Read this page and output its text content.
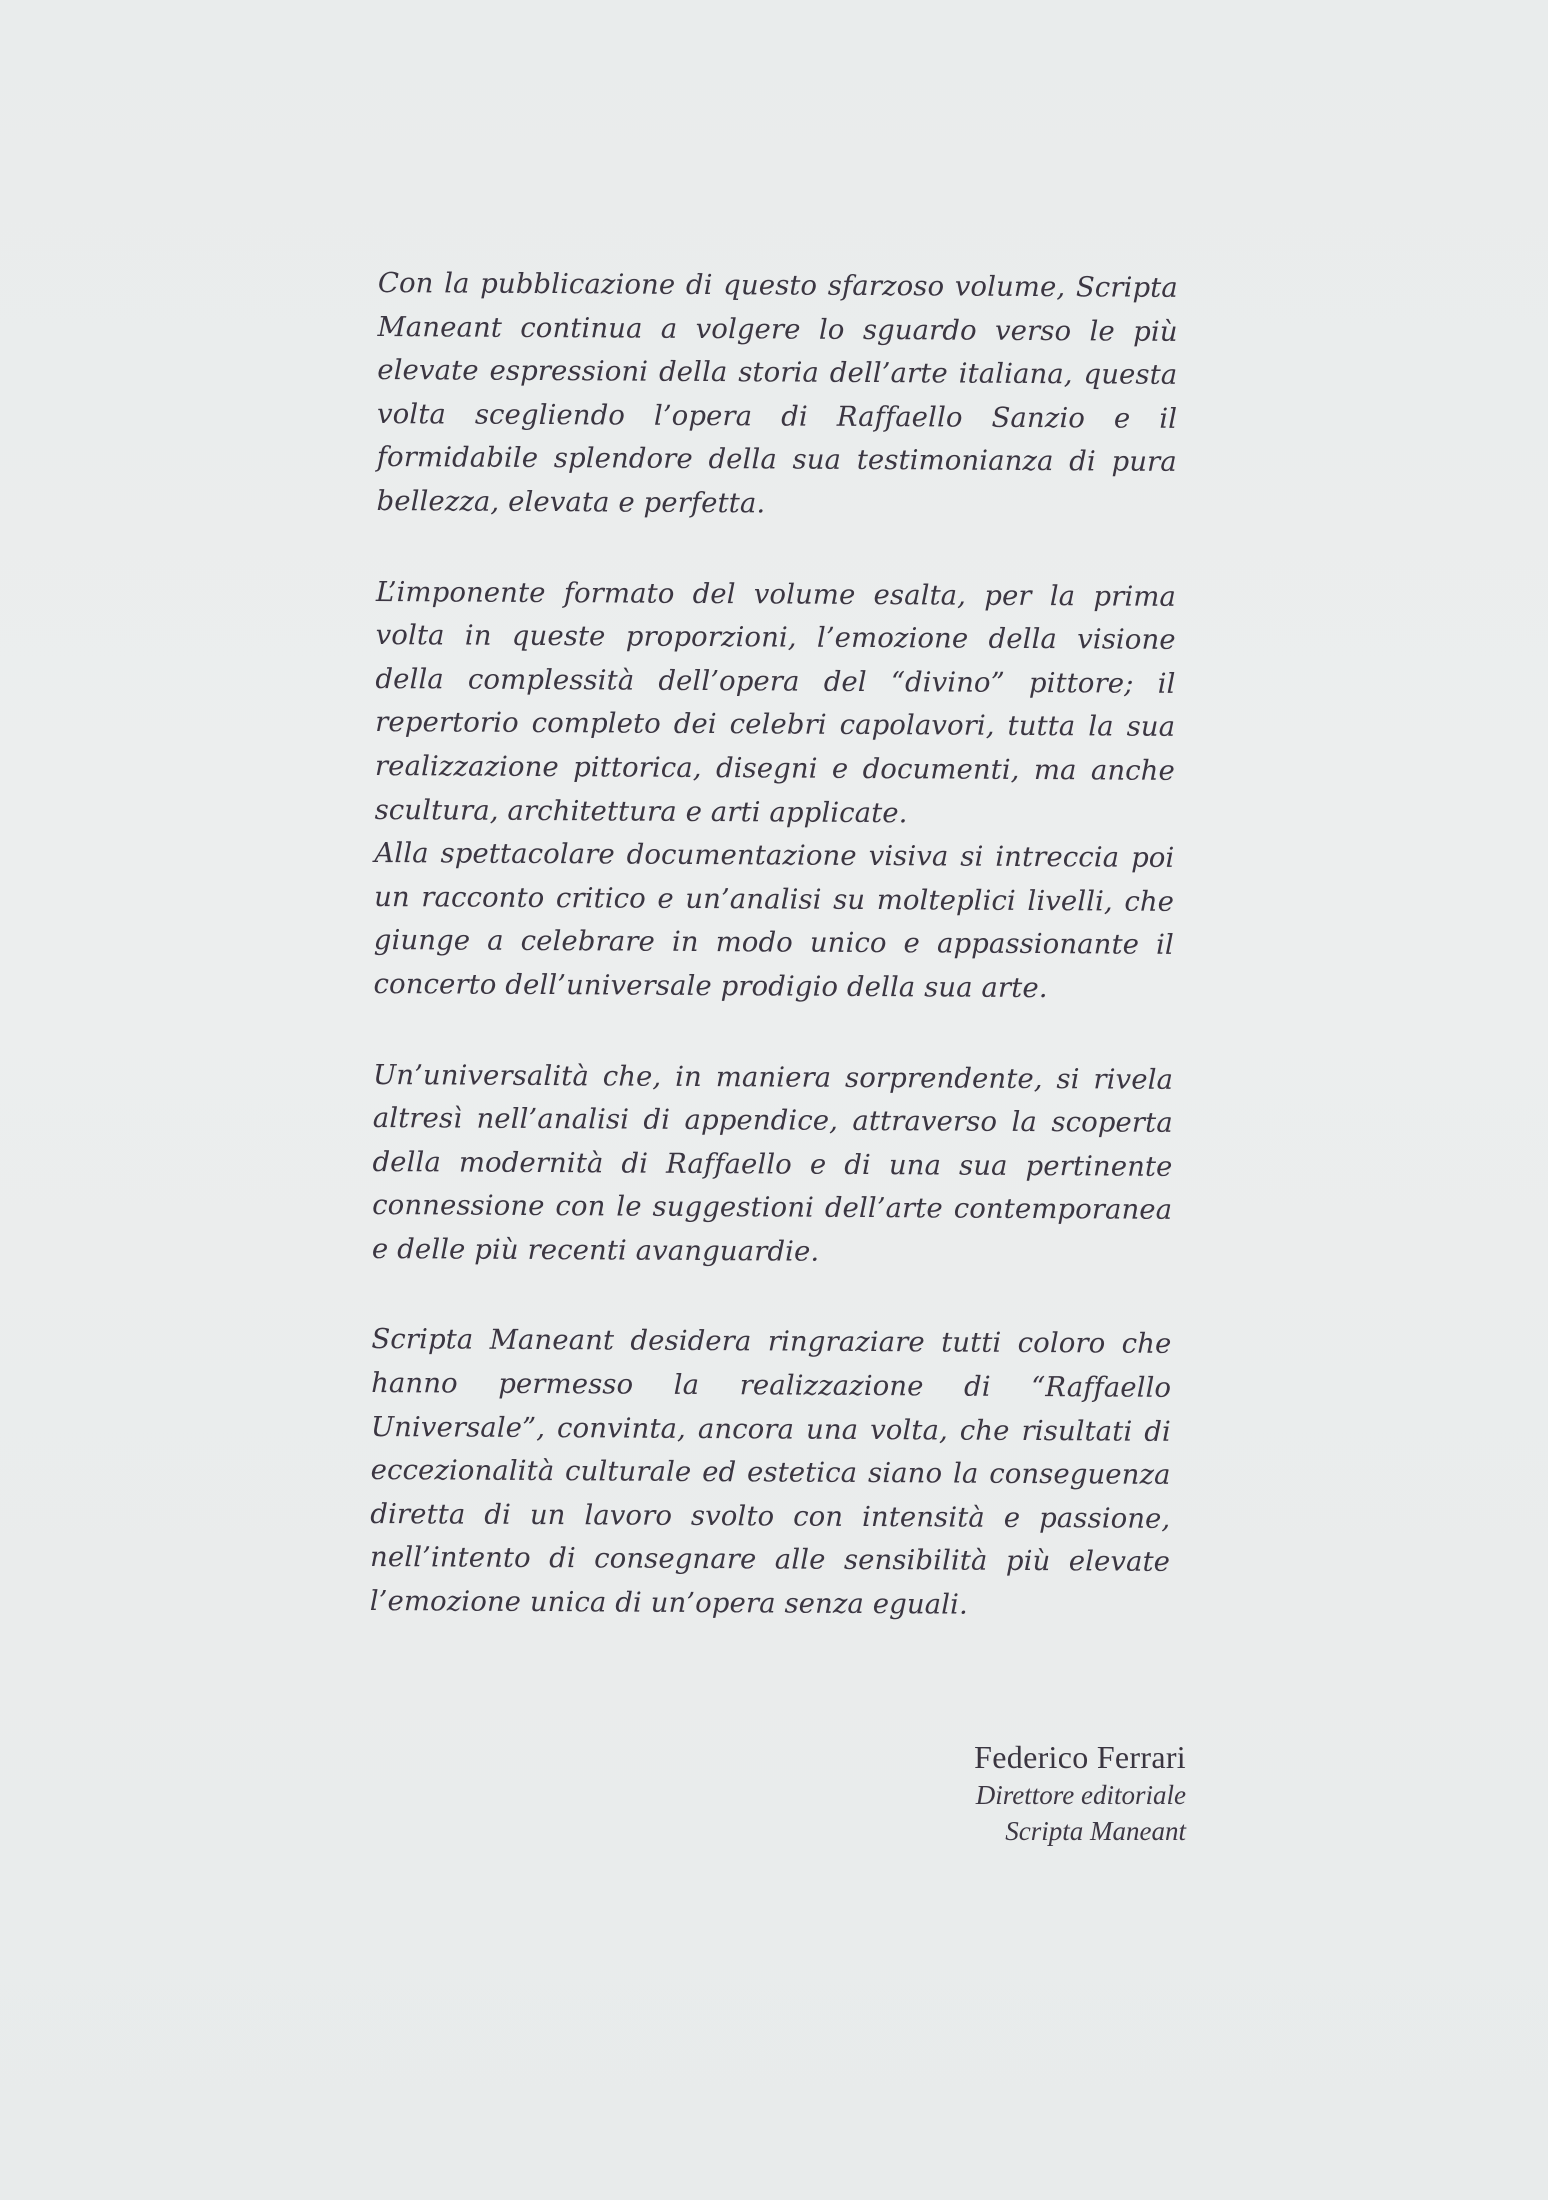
Con la pubblicazione di questo sfarzoso volume, Scripta Maneant continua a volgere lo sguardo verso le più elevate espressioni della storia dell’arte italiana, questa volta scegliendo l’opera di Raffaello Sanzio e il formidabile splendore della sua testimonianza di pura bellezza, elevata e perfetta.

L’imponente formato del volume esalta, per la prima volta in queste proporzioni, l’emozione della visione della complessità dell’opera del “divino” pittore; il repertorio completo dei celebri capolavori, tutta la sua realizzazione pittorica, disegni e documenti, ma anche scultura, architettura e arti applicate.

Alla spettacolare documentazione visiva si intreccia poi un racconto critico e un’analisi su molteplici livelli, che giunge a celebrare in modo unico e appassionante il concerto dell’universale prodigio della sua arte.

Un’universalità che, in maniera sorprendente, si rivela altresì nell’analisi di appendice, attraverso la scoperta della modernità di Raffaello e di una sua pertinente connessione con le suggestioni dell’arte contemporanea e delle più recenti avanguardie.

Scripta Maneant desidera ringraziare tutti coloro che hanno permesso la realizzazione di “Raffaello Universale”, convinta, ancora una volta, che risultati di eccezionalità culturale ed estetica siano la conseguenza diretta di un lavoro svolto con intensità e passione, nell’intento di consegnare alle sensibilità più elevate l’emozione unica di un’opera senza eguali.

Federico Ferrari
Direttore editoriale
Scripta Maneant
